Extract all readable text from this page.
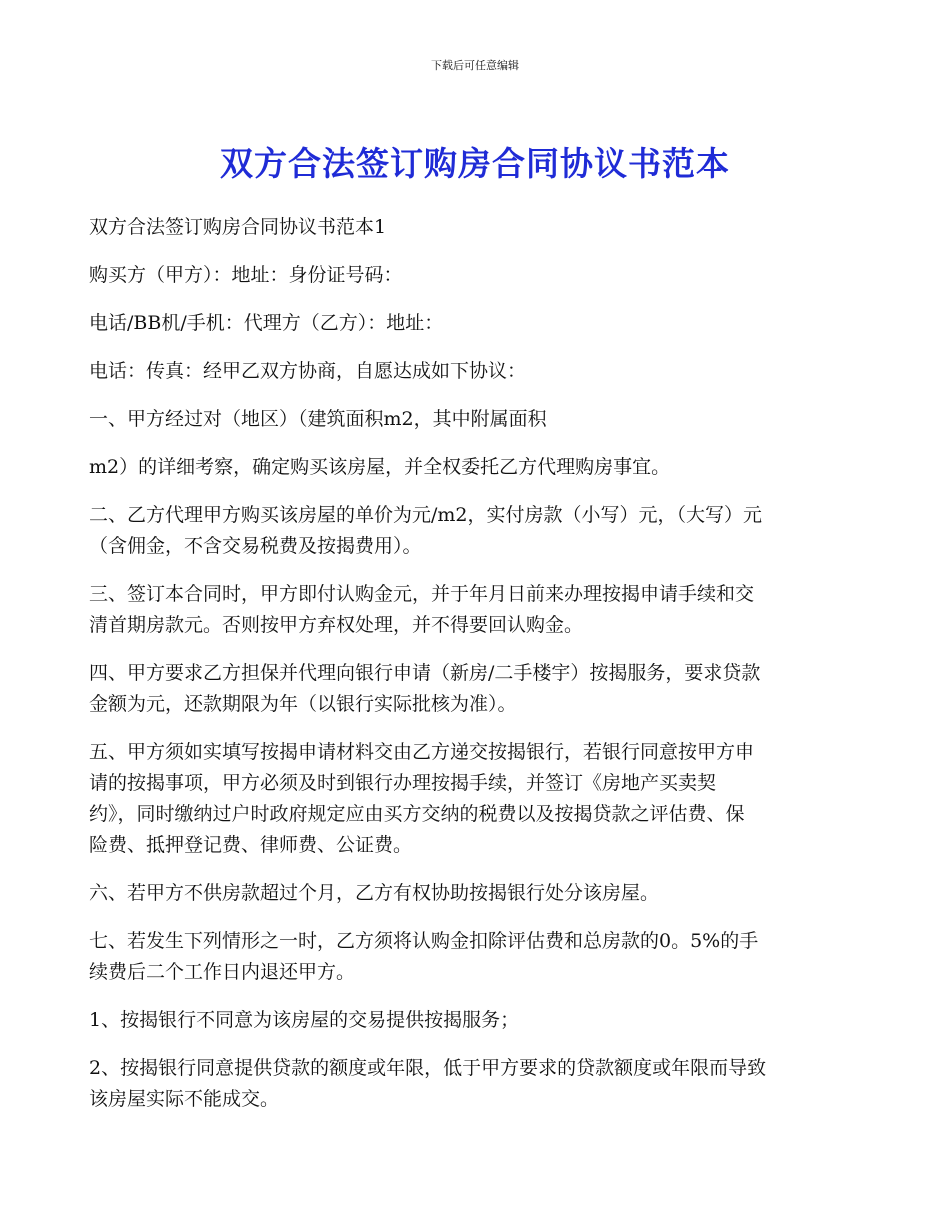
下载后可任意编辑
双方合法签订购房合同协议书范本

双方合法签订购房合同协议书范本1

购买方（甲方）：地址：身份证号码：

电话/BB机/手机：代理方（乙方）：地址：

电话：传真：经甲乙双方协商，自愿达成如下协议：

一、甲方经过对（地区）（建筑面积m2，其中附属面积

m2）的详细考察，确定购买该房屋，并全权委托乙方代理购房事宜。

二、乙方代理甲方购买该房屋的单价为元/m2，实付房款（小写）元，（大写）元
（含佣金，不含交易税费及按揭费用）。

三、签订本合同时，甲方即付认购金元，并于年月日前来办理按揭申请手续和交
清首期房款元。否则按甲方弃权处理，并不得要回认购金。

四、甲方要求乙方担保并代理向银行申请（新房/二手楼宇）按揭服务，要求贷款
金额为元，还款期限为年（以银行实际批核为准）。

五、甲方须如实填写按揭申请材料交由乙方递交按揭银行，若银行同意按甲方申
请的按揭事项，甲方必须及时到银行办理按揭手续，并签订《房地产买卖契
约》，同时缴纳过户时政府规定应由买方交纳的税费以及按揭贷款之评估费、保
险费、抵押登记费、律师费、公证费。

六、若甲方不供房款超过个月，乙方有权协助按揭银行处分该房屋。

七、若发生下列情形之一时，乙方须将认购金扣除评估费和总房款的0。5%的手
续费后二个工作日内退还甲方。

1、按揭银行不同意为该房屋的交易提供按揭服务；

2、按揭银行同意提供贷款的额度或年限，低于甲方要求的贷款额度或年限而导致
该房屋实际不能成交。
